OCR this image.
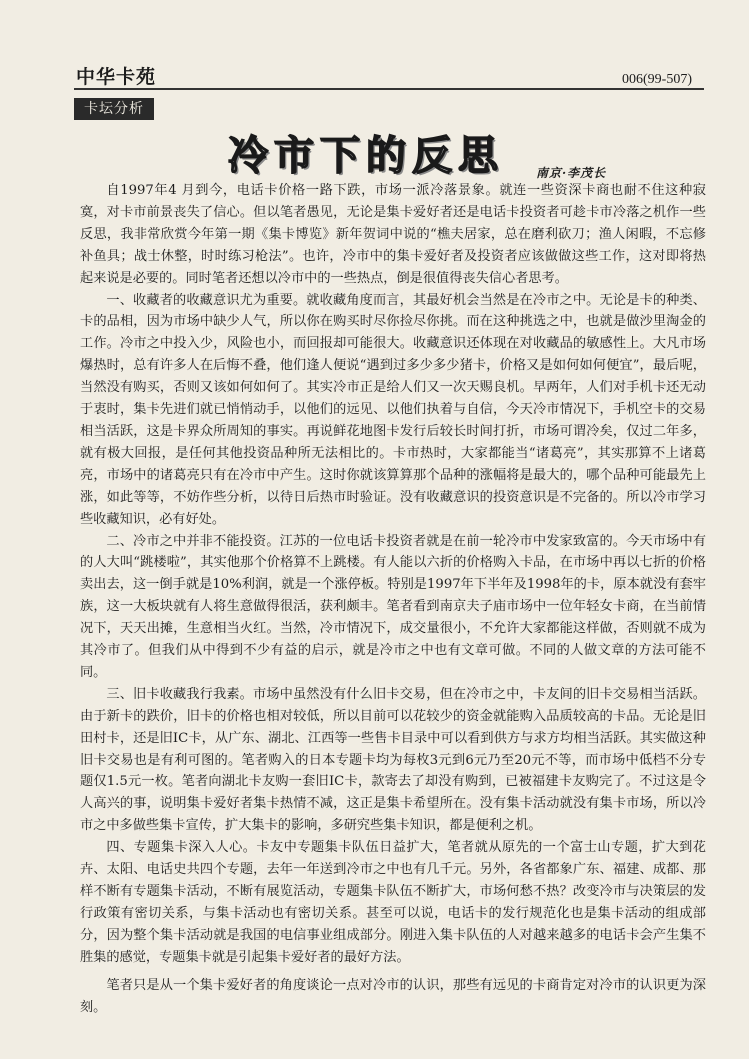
中华卡苑	006(99-507)
卡坛分析
冷市下的反思	南京·李茂长

自1997年4 月到今，电话卡价格一路下跌，市场一派冷落景象。就连一些资深卡商也耐不住这种寂寞，对卡市前景丧失了信心。但以笔者愚见，无论是集卡爱好者还是电话卡投资者可趁卡市冷落之机作一些反思，我非常欣赏今年第一期《集卡博览》新年贺词中说的“樵夫居家，总在磨利砍刀；渔人闲暇，不忘修补鱼具；战士休整，时时练习枪法”。也许，冷市中的集卡爱好者及投资者应该做做这些工作，这对即将热起来说是必要的。同时笔者还想以冷市中的一些热点，倒是很值得丧失信心者思考。

一、收藏者的收藏意识尤为重要。就收藏角度而言，其最好机会当然是在冷市之中。无论是卡的种类、卡的品相，因为市场中缺少人气，所以你在购买时尽你捡尽你挑。而在这种挑选之中，也就是做沙里淘金的工作。冷市之中投入少，风险也小，而回报却可能很大。收藏意识还体现在对收藏品的敏感性上。大凡市场爆热时，总有许多人在后悔不叠，他们逢人便说“遇到过多少多少猪卡，价格又是如何如何便宜”，最后呢，当然没有购买，否则又该如何如何了。其实冷市正是给人们又一次天赐良机。早两年，人们对手机卡还无动于衷时，集卡先进们就已悄悄动手，以他们的远见、以他们执着与自信，今天冷市情况下，手机空卡的交易相当活跃，这是卡界众所周知的事实。再说鲜花地图卡发行后较长时间打折，市场可谓冷矣，仅过二年多，就有极大回报，是任何其他投资品种所无法相比的。卡市热时，大家都能当“诸葛亮”，其实那算不上诸葛亮，市场中的诸葛亮只有在冷市中产生。这时你就该算算那个品种的涨幅将是最大的，哪个品种可能最先上涨，如此等等，不妨作些分析，以待日后热市时验证。没有收藏意识的投资意识是不完备的。所以冷市学习些收藏知识，必有好处。

二、冷市之中并非不能投资。江苏的一位电话卡投资者就是在前一轮冷市中发家致富的。今天市场中有的人大叫“跳楼啦”，其实他那个价格算不上跳楼。有人能以六折的价格购入卡品，在市场中再以七折的价格卖出去，这一倒手就是10%利润，就是一个涨停板。特别是1997年下半年及1998年的卡，原本就没有套牢族，这一大板块就有人将生意做得很活，获利颇丰。笔者看到南京夫子庙市场中一位年轻女卡商，在当前情况下，天天出摊，生意相当火红。当然，冷市情况下，成交量很小，不允许大家都能这样做，否则就不成为其冷市了。但我们从中得到不少有益的启示，就是冷市之中也有文章可做。不同的人做文章的方法可能不同。

三、旧卡收藏我行我素。市场中虽然没有什么旧卡交易，但在冷市之中，卡友间的旧卡交易相当活跃。由于新卡的跌价，旧卡的价格也相对较低，所以目前可以花较少的资金就能购入品质较高的卡品。无论是旧田村卡，还是旧IC卡，从广东、湖北、江西等一些售卡目录中可以看到供方与求方均相当活跃。其实做这种旧卡交易也是有利可图的。笔者购入的日本专题卡均为每枚3元到6元乃至20元不等，而市场中低档不分专题仅1.5元一枚。笔者向湖北卡友购一套旧IC卡，款寄去了却没有购到，已被福建卡友购完了。不过这是令人高兴的事，说明集卡爱好者集卡热情不减，这正是集卡希望所在。没有集卡活动就没有集卡市场，所以冷市之中多做些集卡宣传，扩大集卡的影响，多研究些集卡知识，都是便利之机。

四、专题集卡深入人心。卡友中专题集卡队伍日益扩大，笔者就从原先的一个富士山专题，扩大到花卉、太阳、电话史共四个专题，去年一年送到冷市之中也有几千元。另外，各省都象广东、福建、成都、那样不断有专题集卡活动，不断有展览活动，专题集卡队伍不断扩大，市场何愁不热？改变冷市与决策层的发行政策有密切关系，与集卡活动也有密切关系。甚至可以说，电话卡的发行规范化也是集卡活动的组成部分，因为整个集卡活动就是我国的电信事业组成部分。刚进入集卡队伍的人对越来越多的电话卡会产生集不胜集的感觉，专题集卡就是引起集卡爱好者的最好方法。

笔者只是从一个集卡爱好者的角度谈论一点对冷市的认识，那些有远见的卡商肯定对冷市的认识更为深刻。
